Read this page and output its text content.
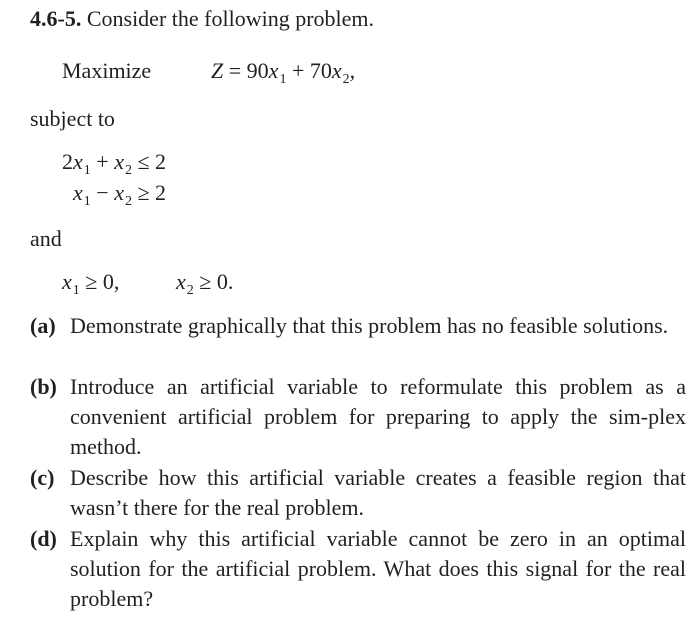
4.6-5. Consider the following problem.
Maximize	$Z = 90x_1 + 70x_2$,
subject to
$2x_1 + x_2 \le 2$
$x_1 - x_2 \ge 2$
and
$x_1 \ge 0$,	$x_2 \ge 0$.
(a) Demonstrate graphically that this problem has no feasible solutions.
(b) Introduce an artificial variable to reformulate this problem as a convenient artificial problem for preparing to apply the sim-plex method.
(c) Describe how this artificial variable creates a feasible region that wasn’t there for the real problem.
(d) Explain why this artificial variable cannot be zero in an optimal solution for the artificial problem. What does this signal for the real problem?
